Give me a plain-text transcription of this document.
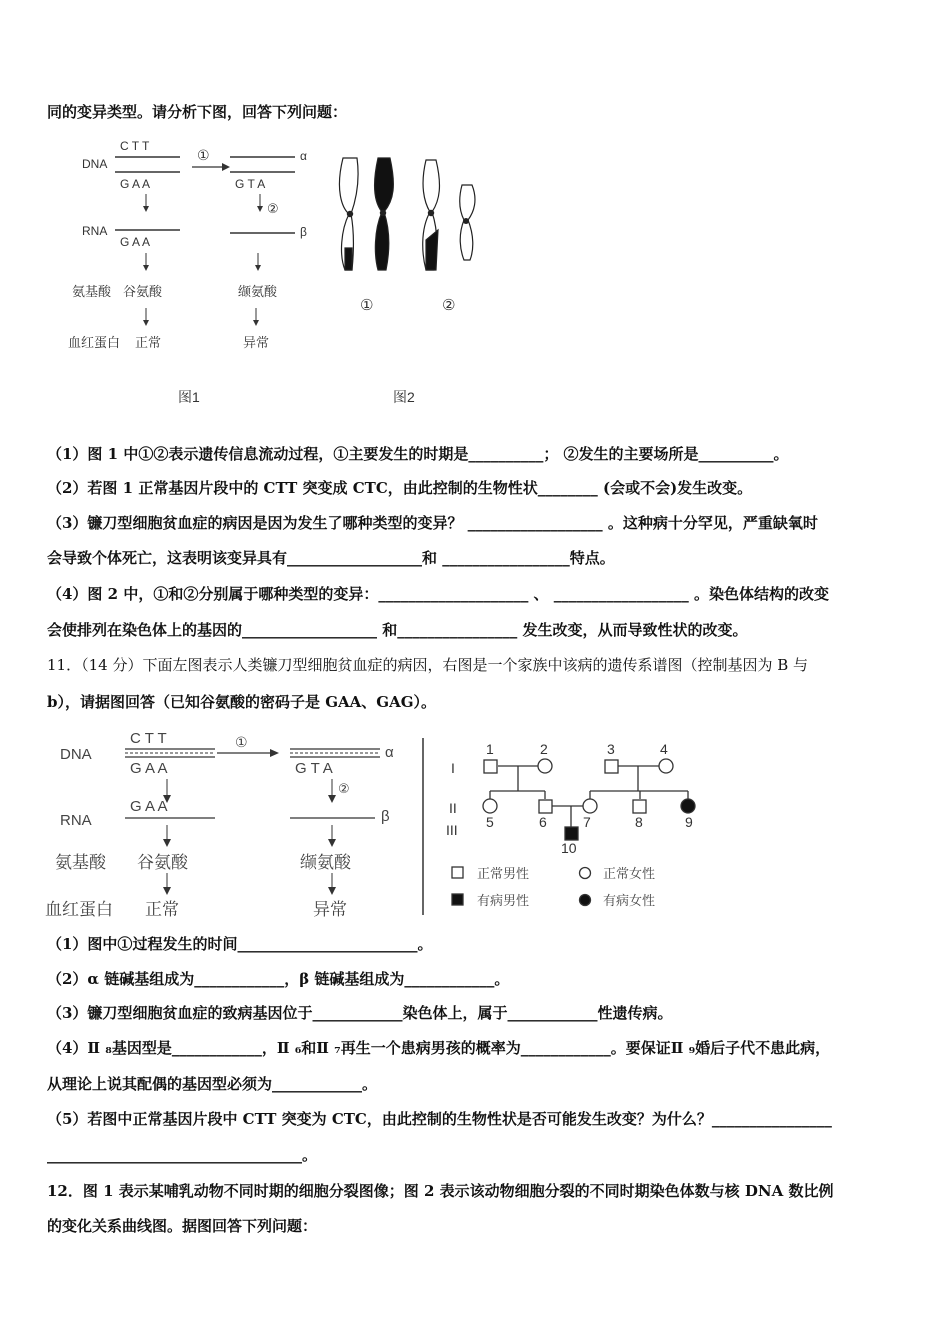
同的变异类型。请分析下图，回答下列问题：
DNA
C T T
G A A
①	α
G T A
②
RNA	β
G A A
氨基酸 谷氨酸	缬氨酸
血红蛋白 正常	异常
图1	图2
①	②
（1）图 1 中①②表示遗传信息流动过程，①主要发生的时期是__________； ②发生的主要场所是__________。
（2）若图 1 正常基因片段中的 CTT 突变成 CTC，由此控制的生物性状________ (会或不会)发生改变。
（3）镰刀型细胞贫血症的病因是因为发生了哪种类型的变异？ __________________ 。这种病十分罕见，严重缺氧时
会导致个体死亡，这表明该变异具有__________________和 _________________特点。
（4）图 2 中，①和②分别属于哪种类型的变异：____________________ 、 __________________ 。染色体结构的改变
会使排列在染色体上的基因的__________________ 和________________ 发生改变，从而导致性状的改变。
11．（14 分）下面左图表示人类镰刀型细胞贫血症的病因，右图是一个家族中该病的遗传系谱图（控制基因为 B 与
b），请据图回答（已知谷氨酸的密码子是 GAA、GAG）。
DNA
C T T
G A A
①
α
G T A
②
G A A
RNA	β
氨基酸 谷氨酸	缬氨酸
血红蛋白 正常	异常
I
II
III
1	2	3	4
5	6	7	8	9
10
正常男性	正常女性
有病男性	有病女性
（1）图中①过程发生的时间________________________。
（2）α 链碱基组成为____________，β 链碱基组成为____________。
（3）镰刀型细胞贫血症的致病基因位于____________染色体上，属于____________性遗传病。
（4）Ⅱ ₈基因型是____________，Ⅱ ₆和Ⅱ ₇再生一个患病男孩的概率为____________。要保证Ⅱ ₉婚后子代不患此病，
从理论上说其配偶的基因型必须为____________。
（5）若图中正常基因片段中 CTT 突变为 CTC，由此控制的生物性状是否可能发生改变？为什么？________________
__________________________________。
12．图 1 表示某哺乳动物不同时期的细胞分裂图像；图 2 表示该动物细胞分裂的不同时期染色体数与核 DNA 数比例
的变化关系曲线图。据图回答下列问题：
